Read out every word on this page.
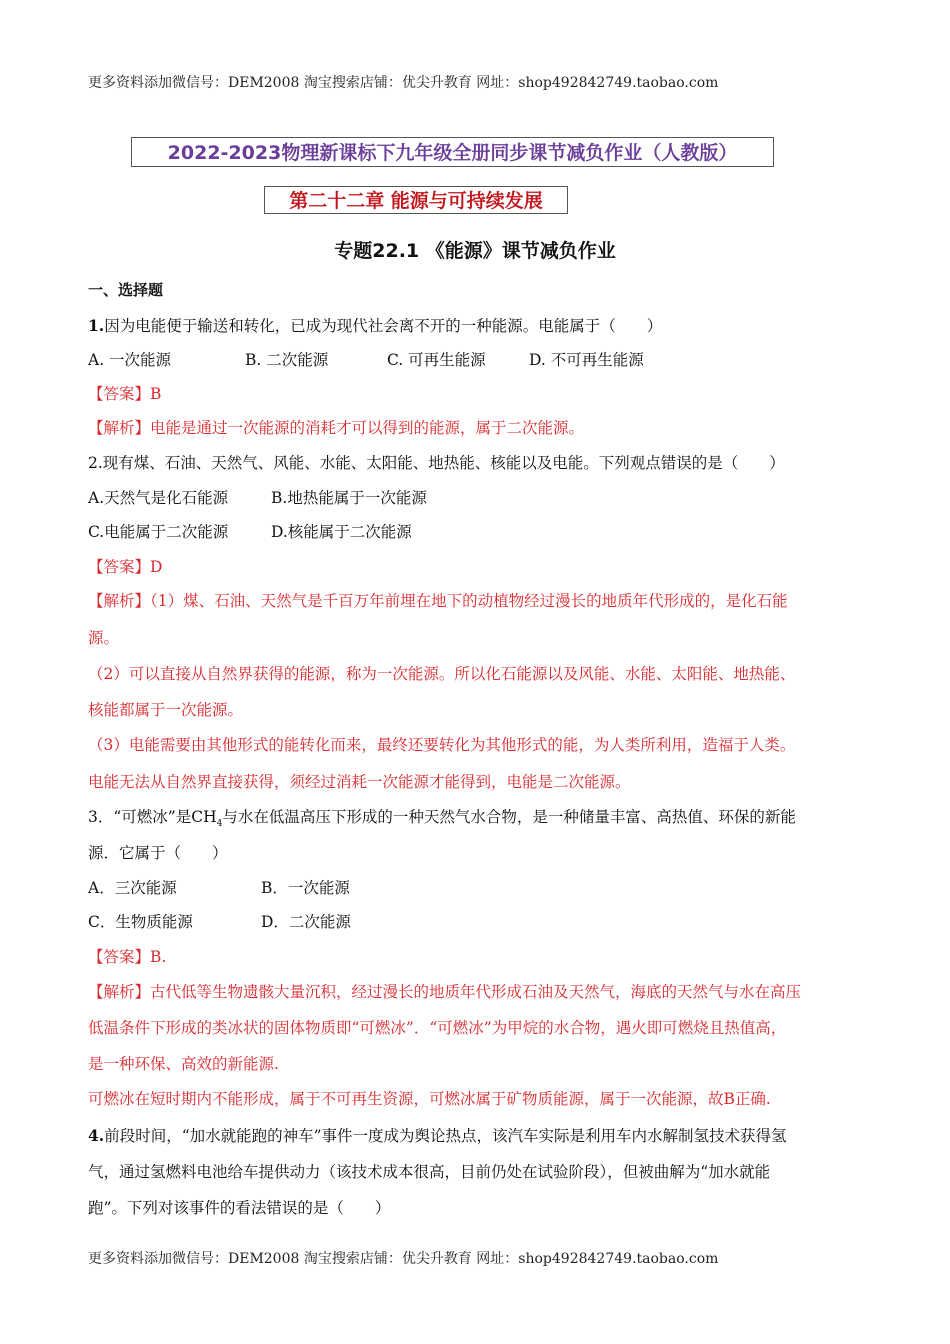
更多资料添加微信号：DEM2008 淘宝搜索店铺：优尖升教育 网址：shop492842749.taobao.com
2022-2023物理新课标下九年级全册同步课节减负作业（人教版）
第二十二章 能源与可持续发展
专题22.1 《能源》课节减负作业
一、选择题
1.因为电能便于输送和转化，已成为现代社会离不开的一种能源。电能属于（　　）
A. 一次能源	B. 二次能源	C. 可再生能源	D. 不可再生能源
【答案】B
【解析】电能是通过一次能源的消耗才可以得到的能源，属于二次能源。
2.现有煤、石油、天然气、风能、水能、太阳能、地热能、核能以及电能。下列观点错误的是（　　）
A.天然气是化石能源	B.地热能属于一次能源
C.电能属于二次能源	D.核能属于二次能源
【答案】D
【解析】（1）煤、石油、天然气是千百万年前埋在地下的动植物经过漫长的地质年代形成的，是化石能
源。
（2）可以直接从自然界获得的能源，称为一次能源。所以化石能源以及风能、水能、太阳能、地热能、
核能都属于一次能源。
（3）电能需要由其他形式的能转化而来，最终还要转化为其他形式的能，为人类所利用，造福于人类。
电能无法从自然界直接获得，须经过消耗一次能源才能得到，电能是二次能源。
3．“可燃冰”是$CH_4$与水在低温高压下形成的一种天然气水合物，是一种储量丰富、高热值、环保的新能
源．它属于（　　）
A．三次能源	B．一次能源
C．生物质能源	D．二次能源
【答案】B.
【解析】古代低等生物遗骸大量沉积，经过漫长的地质年代形成石油及天然气，海底的天然气与水在高压
低温条件下形成的类冰状的固体物质即“可燃冰”．“可燃冰”为甲烷的水合物，遇火即可燃烧且热值高，
是一种环保、高效的新能源.
可燃冰在短时期内不能形成，属于不可再生资源，可燃冰属于矿物质能源，属于一次能源，故B正确.
4.前段时间，“加水就能跑的神车”事件一度成为舆论热点，该汽车实际是利用车内水解制氢技术获得氢
气，通过氢燃料电池给车提供动力（该技术成本很高，目前仍处在试验阶段），但被曲解为“加水就能
跑”。下列对该事件的看法错误的是（　　）
更多资料添加微信号：DEM2008 淘宝搜索店铺：优尖升教育 网址：shop492842749.taobao.com
